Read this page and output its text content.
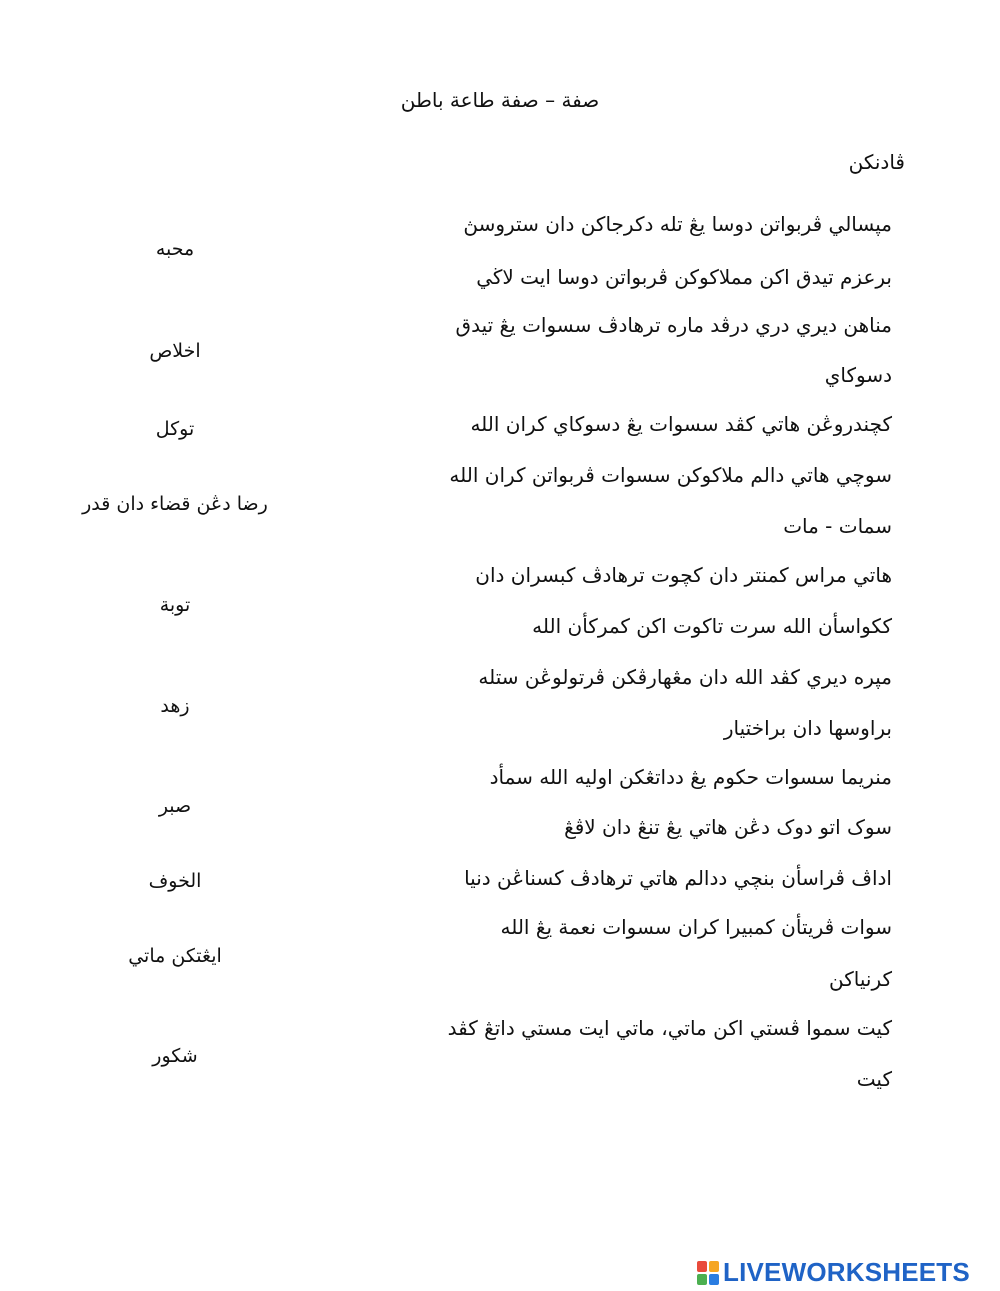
صفة – صفة طاعة باطن
ڤادنكن
مپسالي ڤربواتن دوسا يڠ تله دکرجاکن دان ستروسڽ
برعزم تيدق اکن مملاکوکن ڤربواتن دوسا ايت لاڬي
مناهن ديري دري درڤد ماره ترهادڤ سسوات يڠ تيدق
دسوکاي
کچندروڠن هاتي کڤد سسوات يڠ دسوکاي کران الله
سوچي هاتي دالم ملاکوکن سسوات ڤربواتن کران الله
سمات - مات
هاتي مراس کمنتر دان کچوت ترهادڤ کبسران دان
ککواسأن الله سرت تاکوت اکن کمرکأن الله
مپره ديري کڤد الله دان مڠهارڤکن ڤرتولوڠن ستله
براوسها دان براختيار
منريما سسوات حکوم يڠ دداتڠکن اوليه الله سمأد
سوک اتو دوک دڠن هاتي يڠ تنڠ دان لاڤڠ
اداڤ ڤراسأن بنچي ددالم هاتي ترهادڤ کسناڠن دنيا
سوات ڤريتأن کمبيرا کران سسوات نعمة يڠ الله
کرنياکن
کيت سموا ڤستي اکن ماتي، ماتي ايت مستي داتڠ کڤد
کيت
محبه
اخلاص
توکل
رضا دڠن قضاء دان قدر
توبة
زهد
صبر
الخوف
ايڠتکن ماتي
شکور
LIVEWORKSHEETS
